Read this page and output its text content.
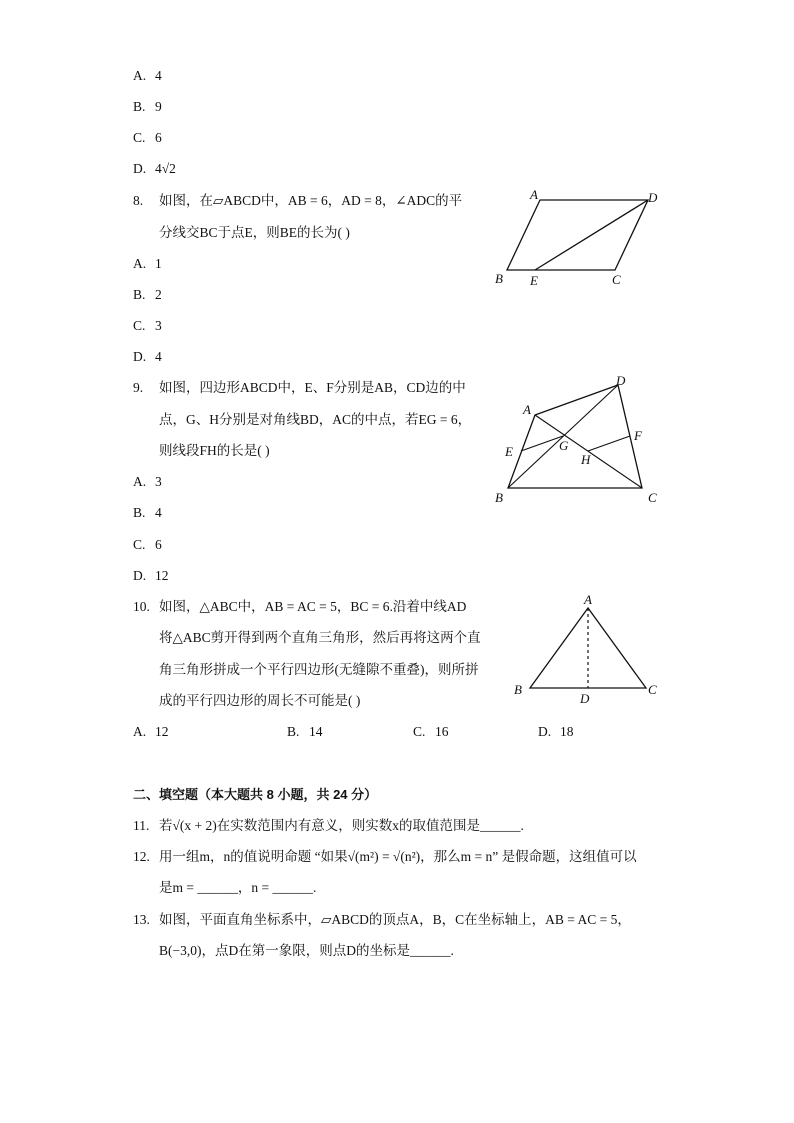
A. 4
B. 9
C. 6
D. 4√2
8. 如图，在▱ABCD中，AB = 6，AD = 8，∠ADC的平
分线交BC于点E，则BE的长为( )
A. 1
B. 2
C. 3
D. 4
A	D
B E	C
9. 如图，四边形ABCD中，E、F分别是AB，CD边的中
点，G、H分别是对角线BD，AC的中点，若EG = 6，
则线段FH的长是( )
A. 3
B. 4
C. 6
D. 12
A
D
E	G
H
F
B	C
10. 如图，△ABC中，AB = AC = 5，BC = 6.沿着中线AD
将△ABC剪开得到两个直角三角形，然后再将这两个直
角三角形拼成一个平行四边形(无缝隙不重叠)，则所拼
成的平行四边形的周长不可能是( )
A. 12	B. 14	C. 16	D. 18
A
B
D
C
二、填空题（本大题共 8 小题，共 24 分）
11. 若√(x + 2)在实数范围内有意义，则实数x的取值范围是______.
12. 用一组m，n的值说明命题 “如果√(m²) = √(n²)，那么m = n” 是假命题，这组值可以
是m = ______，n = ______.
13. 如图，平面直角坐标系中，▱ABCD的顶点A，B，C在坐标轴上，AB = AC = 5，
B(−3,0)，点D在第一象限，则点D的坐标是______.
